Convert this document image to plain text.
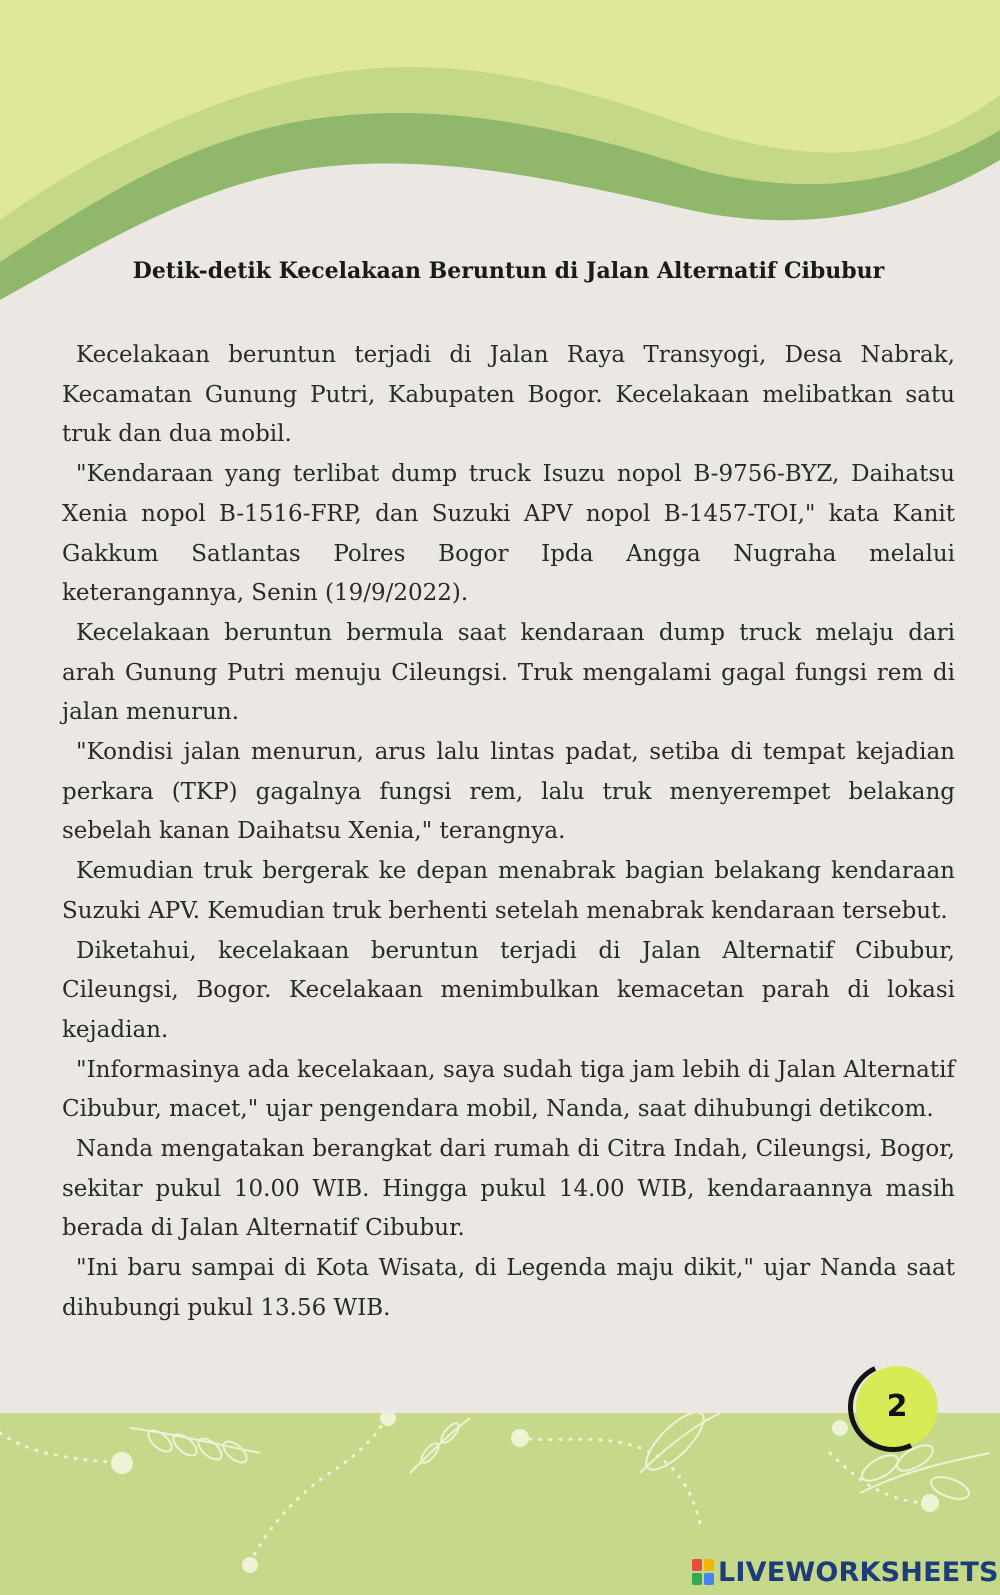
Detik-detik Kecelakaan Beruntun di Jalan Alternatif Cibubur

Kecelakaan beruntun terjadi di Jalan Raya Transyogi, Desa Nabrak, Kecamatan Gunung Putri, Kabupaten Bogor. Kecelakaan melibatkan satu truk dan dua mobil.

"Kendaraan yang terlibat dump truck Isuzu nopol B-9756-BYZ, Daihatsu Xenia nopol B-1516-FRP, dan Suzuki APV nopol B-1457-TOI," kata Kanit Gakkum Satlantas Polres Bogor Ipda Angga Nugraha melalui keterangannya, Senin (19/9/2022).

Kecelakaan beruntun bermula saat kendaraan dump truck melaju dari arah Gunung Putri menuju Cileungsi. Truk mengalami gagal fungsi rem di jalan menurun.

"Kondisi jalan menurun, arus lalu lintas padat, setiba di tempat kejadian perkara (TKP) gagalnya fungsi rem, lalu truk menyerempet belakang sebelah kanan Daihatsu Xenia," terangnya.

Kemudian truk bergerak ke depan menabrak bagian belakang kendaraan Suzuki APV. Kemudian truk berhenti setelah menabrak kendaraan tersebut.

Diketahui, kecelakaan beruntun terjadi di Jalan Alternatif Cibubur, Cileungsi, Bogor. Kecelakaan menimbulkan kemacetan parah di lokasi kejadian.

"Informasinya ada kecelakaan, saya sudah tiga jam lebih di Jalan Alternatif Cibubur, macet," ujar pengendara mobil, Nanda, saat dihubungi detikcom.

Nanda mengatakan berangkat dari rumah di Citra Indah, Cileungsi, Bogor, sekitar pukul 10.00 WIB. Hingga pukul 14.00 WIB, kendaraannya masih berada di Jalan Alternatif Cibubur.

"Ini baru sampai di Kota Wisata, di Legenda maju dikit," ujar Nanda saat dihubungi pukul 13.56 WIB.

2
LIVEWORKSHEETS
